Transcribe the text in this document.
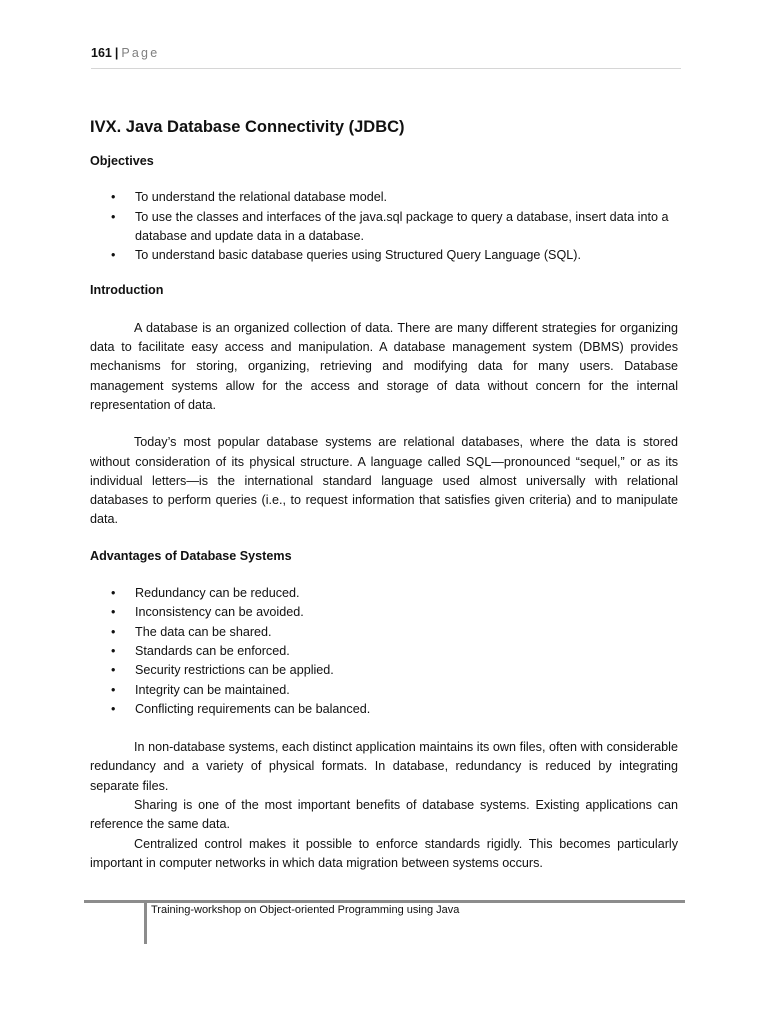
161 | Page
IVX. Java Database Connectivity (JDBC)
Objectives
• To understand the relational database model.
• To use the classes and interfaces of the java.sql package to query a database, insert data into a database and update data in a database.
• To understand basic database queries using Structured Query Language (SQL).
Introduction

A database is an organized collection of data. There are many different strategies for organizing data to facilitate easy access and manipulation. A database management system (DBMS) provides mechanisms for storing, organizing, retrieving and modifying data for many users. Database management systems allow for the access and storage of data without concern for the internal representation of data.

Today’s most popular database systems are relational databases, where the data is stored without consideration of its physical structure. A language called SQL—pronounced “sequel,” or as its individual letters—is the international standard language used almost universally with relational databases to perform queries (i.e., to request information that satisfies given criteria) and to manipulate data.

Advantages of Database Systems
• Redundancy can be reduced.
• Inconsistency can be avoided.
• The data can be shared.
• Standards can be enforced.
• Security restrictions can be applied.
• Integrity can be maintained.
• Conflicting requirements can be balanced.

In non-database systems, each distinct application maintains its own files, often with considerable redundancy and a variety of physical formats. In database, redundancy is reduced by integrating separate files.

Sharing is one of the most important benefits of database systems. Existing applications can reference the same data.

Centralized control makes it possible to enforce standards rigidly. This becomes particularly important in computer networks in which data migration between systems occurs.

Training-workshop on Object-oriented Programming using Java
